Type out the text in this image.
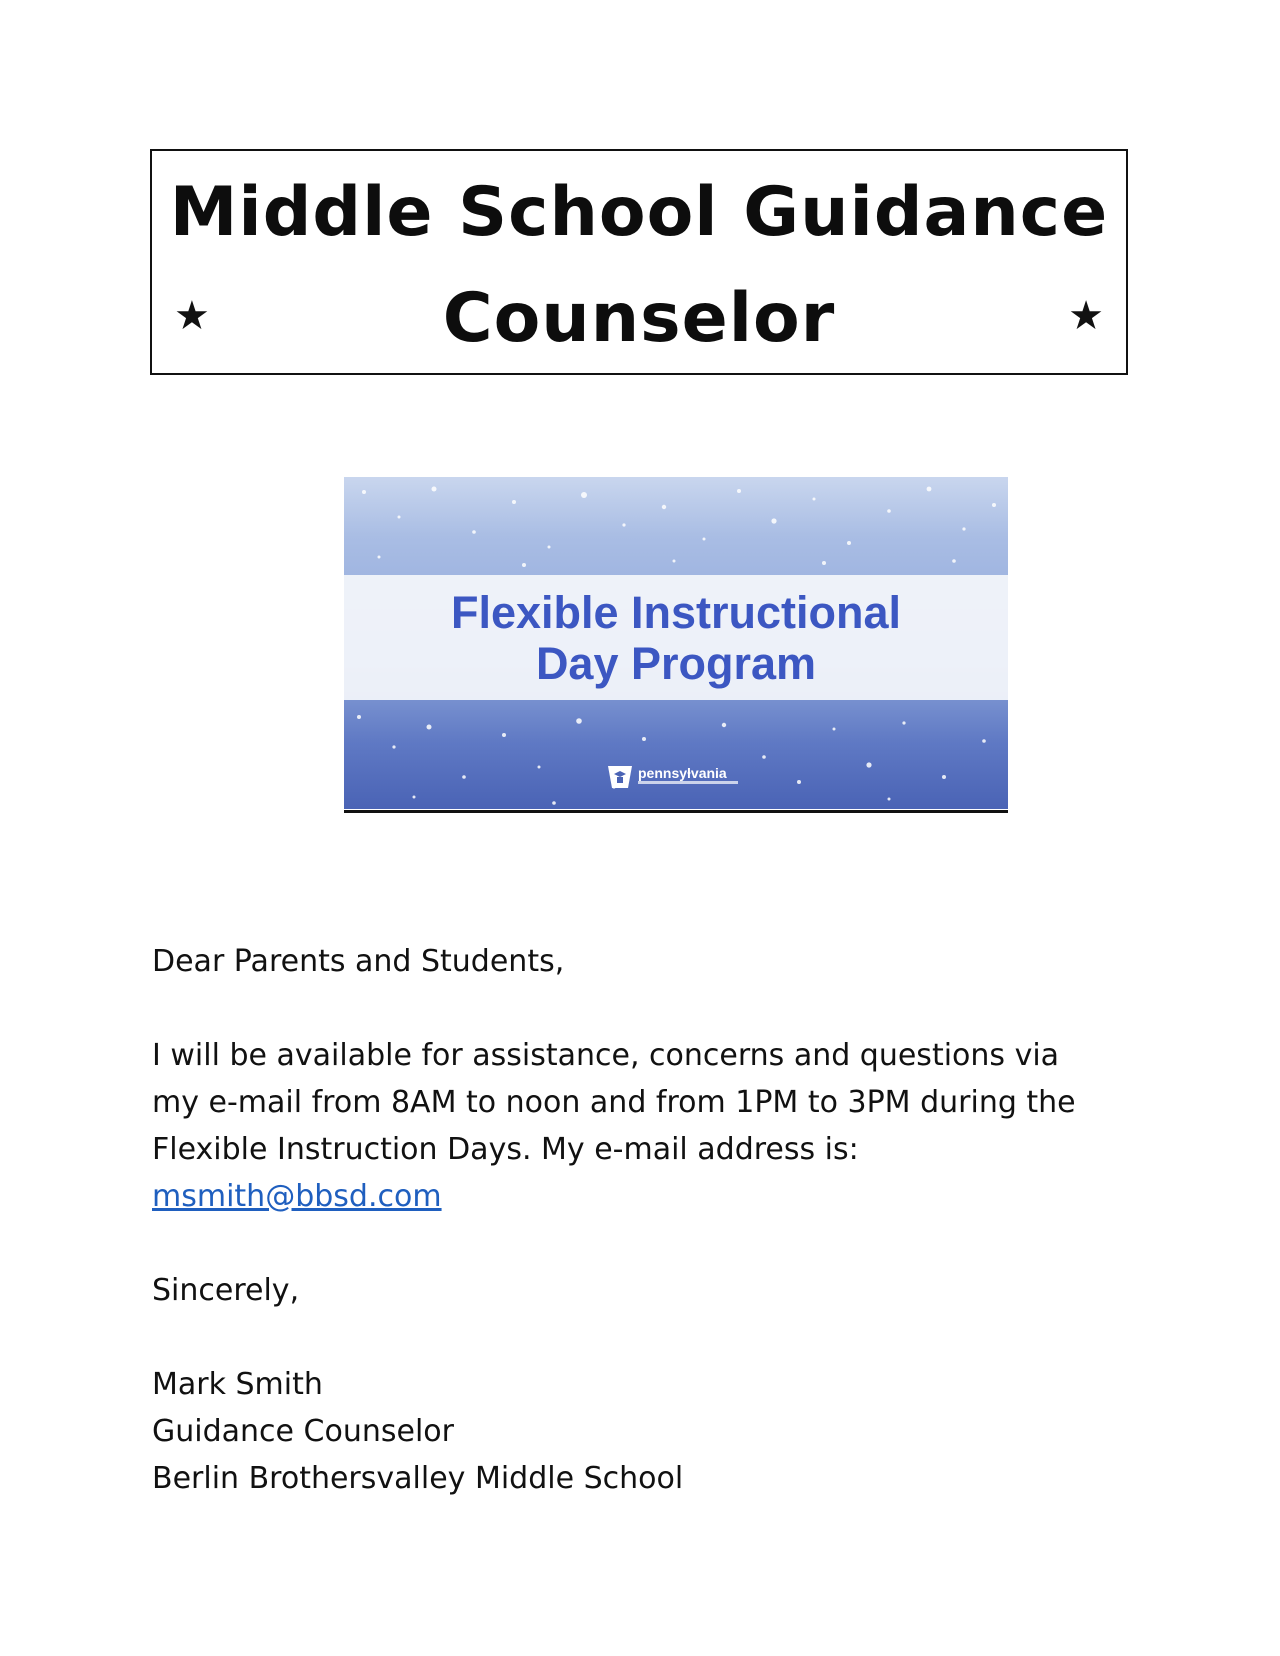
Middle School Guidance
Counselor
★	★
Flexible Instructional
Day Program
pennsylvania

Dear Parents and Students,

I will be available for assistance, concerns and questions via

my e-mail from 8AM to noon and from 1PM to 3PM during the

Flexible Instruction Days. My e-mail address is:

msmith@bbsd.com

Sincerely,

Mark Smith

Guidance Counselor

Berlin Brothersvalley Middle School
